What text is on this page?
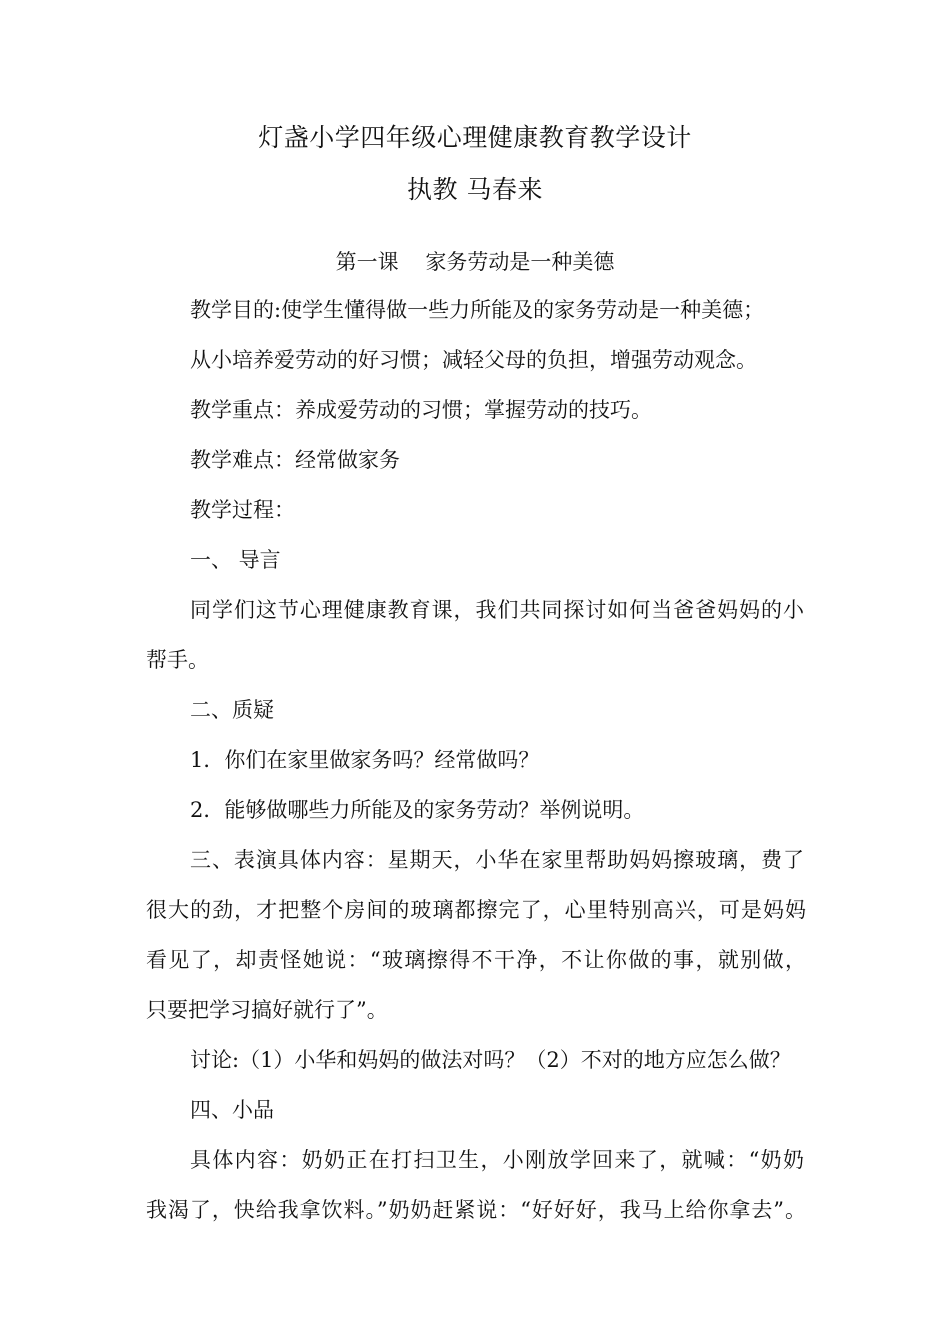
灯盏小学四年级心理健康教育教学设计
执教 马春来
第一课    家务劳动是一种美德
教学目的:使学生懂得做一些力所能及的家务劳动是一种美德；
从小培养爱劳动的好习惯；减轻父母的负担，增强劳动观念。
教学重点：养成爱劳动的习惯；掌握劳动的技巧。
教学难点：经常做家务
教学过程：
一、 导言
同学们这节心理健康教育课，我们共同探讨如何当爸爸妈妈的小
帮手。
二、质疑
1．你们在家里做家务吗？经常做吗？
2．能够做哪些力所能及的家务劳动？举例说明。
三、表演具体内容：星期天，小华在家里帮助妈妈擦玻璃，费了
很大的劲，才把整个房间的玻璃都擦完了，心里特别高兴，可是妈妈
看见了，却责怪她说：“玻璃擦得不干净，不让你做的事，就别做，
只要把学习搞好就行了”。
讨论:（1）小华和妈妈的做法对吗？（2）不对的地方应怎么做？
四、小品
具体内容：奶奶正在打扫卫生，小刚放学回来了，就喊：“奶奶
我渴了，快给我拿饮料。”奶奶赶紧说：“好好好，我马上给你拿去”。
